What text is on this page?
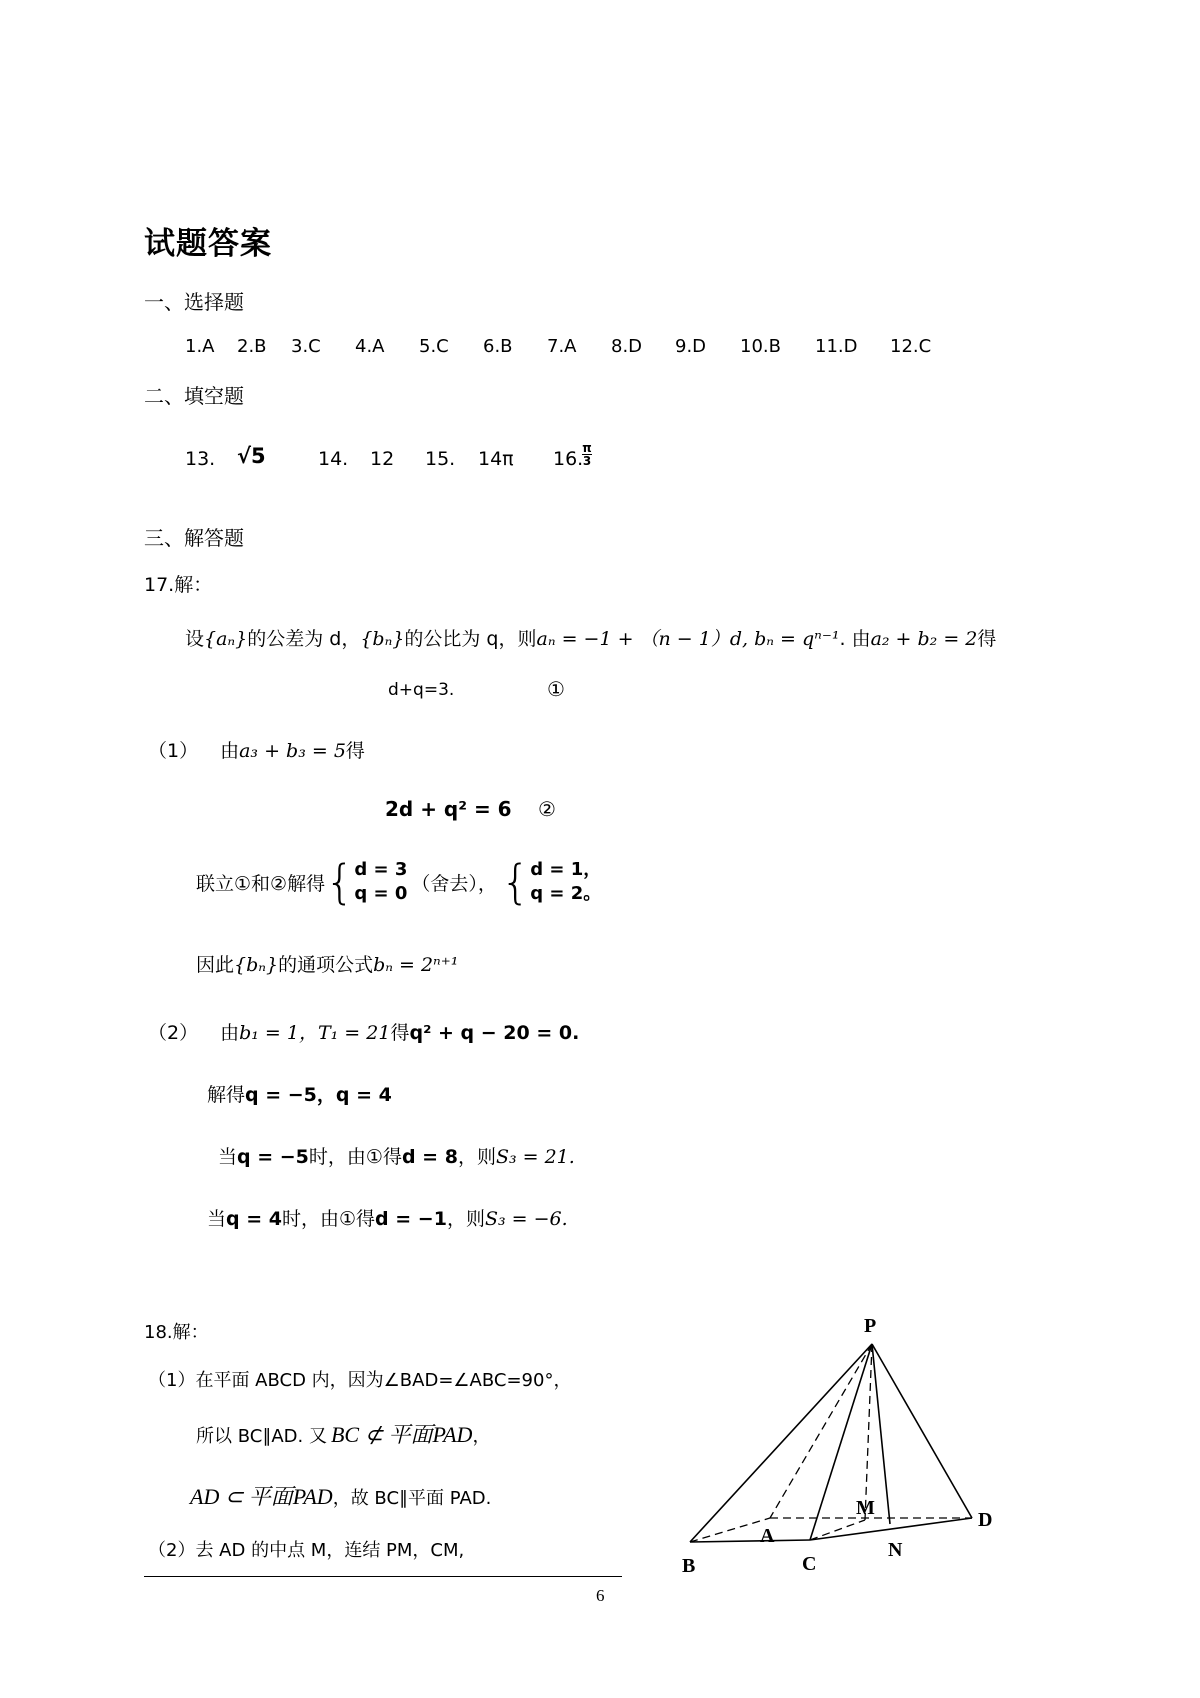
试题答案
一、选择题
1.A 2.B 3.C 4.A 5.C 6.B 7.A 8.D 9.D 10.B 11.D 12.C
二、填空题
13. √5	14. 12 15. 14π 16. π
3
三、解答题
17.解：
设 {aₙ} 的公差为 d， {bₙ} 的公比为 q，则 aₙ = −1 + （n − 1）d, bₙ = qⁿ⁻¹ . 由 a₂ + b₂ = 2 得
d+q=3.	①
（1） 由 a₃ + b₃ = 5 得
2d + q² = 6 ②
联立①和②解得 { d = 3
q = 0 （舍去）， { d = 1，
q = 2。
因此 {bₙ} 的通项公式 bₙ = 2ⁿ⁺¹
（2） 由 b₁ = 1，T₁ = 21 得 q² + q − 20 = 0.
解得 q = −5，q = 4
当 q = −5 时，由①得 d = 8 ，则 S₃ = 21.
当 q = 4 时，由①得 d = −1 ，则 S₃ = −6.
18.解：
（1）在平面 ABCD 内，因为∠BAD=∠ABC=90°，
所以 BC∥AD. 又 BC ⊄ 平面PAD ，
AD ⊂ 平面PAD ，故 BC∥平面 PAD.
（2）去 AD 的中点 M，连结 PM，CM,
P
A
B	C
D
M
N
6
